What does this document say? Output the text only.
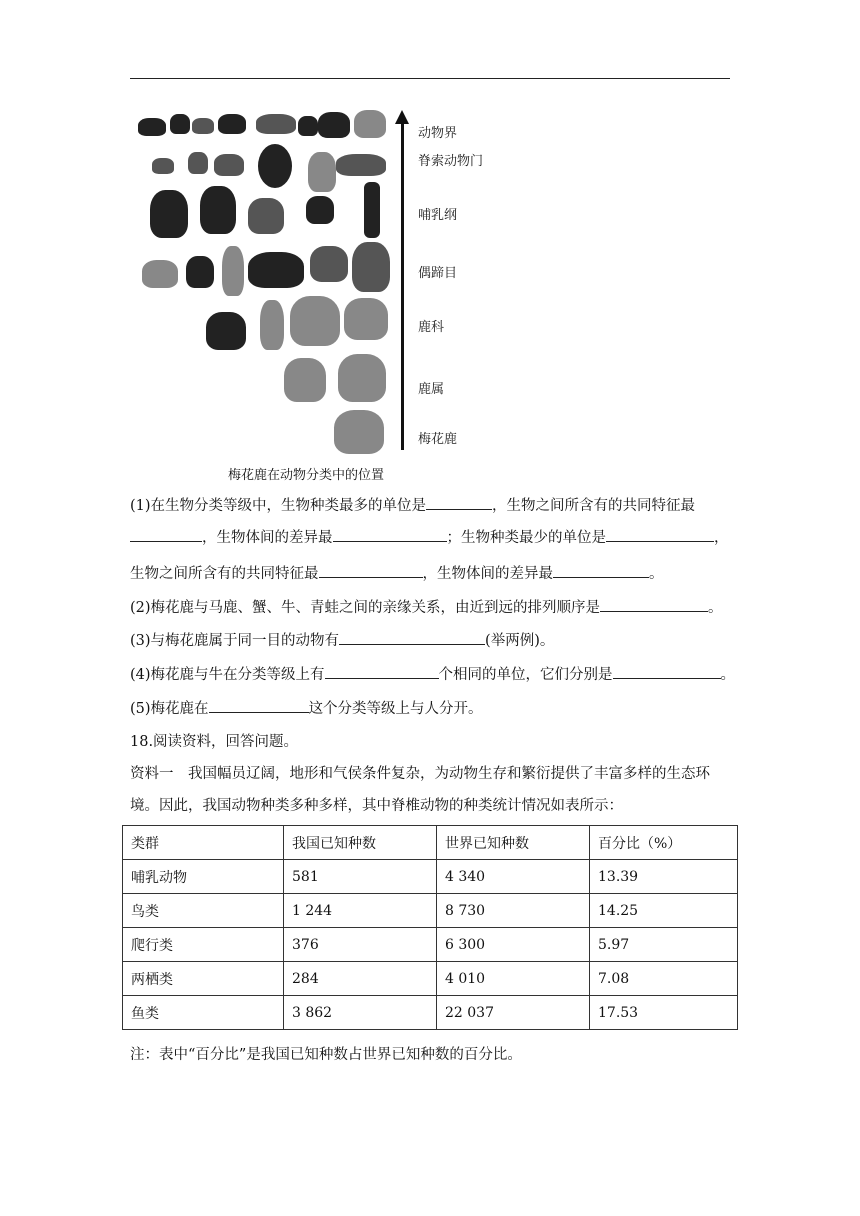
动物界
脊索动物门
哺乳纲
偶蹄目
鹿科
鹿属
梅花鹿
梅花鹿在动物分类中的位置
(1)在生物分类等级中，生物种类最多的单位是	，生物之间所含有的共同特征最
，生物体间的差异最	；生物种类最少的单位是	，
生物之间所含有的共同特征最	，生物体间的差异最	。
(2)梅花鹿与马鹿、蟹、牛、青蛙之间的亲缘关系，由近到远的排列顺序是	。
(3)与梅花鹿属于同一目的动物有	(举两例)。
(4)梅花鹿与牛在分类等级上有	个相同的单位，它们分别是	。
(5)梅花鹿在	这个分类等级上与人分开。
18.阅读资料，回答问题。
资料一　我国幅员辽阔，地形和气侯条件复杂，为动物生存和繁衍提供了丰富多样的生态环
境。因此，我国动物种类多种多样，其中脊椎动物的种类统计情况如表所示：
类群	我国已知种数	世界已知种数	百分比（%）
哺乳动物	581	4 340	13.39
鸟类	1 244	8 730	14.25
爬行类	376	6 300	5.97
两栖类	284	4 010	7.08
鱼类	3 862	22 037	17.53
注：表中“百分比”是我国已知种数占世界已知种数的百分比。
